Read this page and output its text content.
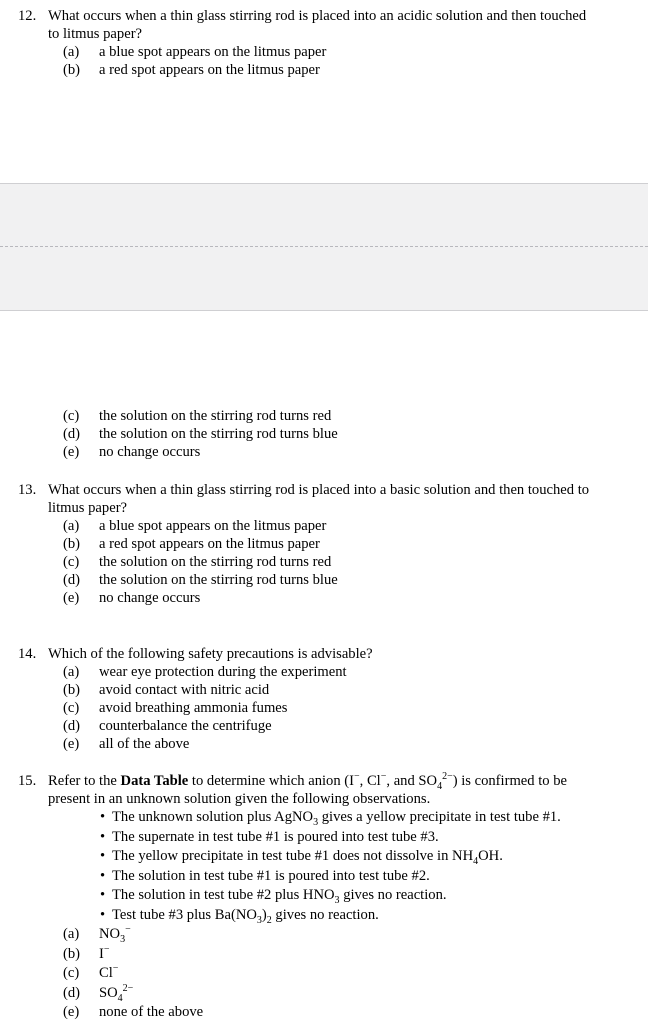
12. What occurs when a thin glass stirring rod is placed into an acidic solution and then touched
to litmus paper?
(a) a blue spot appears on the litmus paper
(b) a red spot appears on the litmus paper
(c) the solution on the stirring rod turns red
(d) the solution on the stirring rod turns blue
(e) no change occurs
13. What occurs when a thin glass stirring rod is placed into a basic solution and then touched to
litmus paper?
(a) a blue spot appears on the litmus paper
(b) a red spot appears on the litmus paper
(c) the solution on the stirring rod turns red
(d) the solution on the stirring rod turns blue
(e) no change occurs
14. Which of the following safety precautions is advisable?
(a) wear eye protection during the experiment
(b) avoid contact with nitric acid
(c) avoid breathing ammonia fumes
(d) counterbalance the centrifuge
(e) all of the above
15. Refer to the Data Table to determine which anion (I−, Cl−, and $SO_4^{2-}$) is confirmed to be
present in an unknown solution given the following observations.
• The unknown solution plus AgNO$_3$ gives a yellow precipitate in test tube #1.
• The supernate in test tube #1 is poured into test tube #3.
• The yellow precipitate in test tube #1 does not dissolve in $NH_4OH$.
• The solution in test tube #1 is poured into test tube #2.
• The solution in test tube #2 plus $HNO_3$ gives no reaction.
• Test tube #3 plus $Ba(NO_3)_2$ gives no reaction.
(a) $NO_3^-$
(b) I−
(c) Cl−
(d) $SO_4^{2-}$
(e) none of the above
